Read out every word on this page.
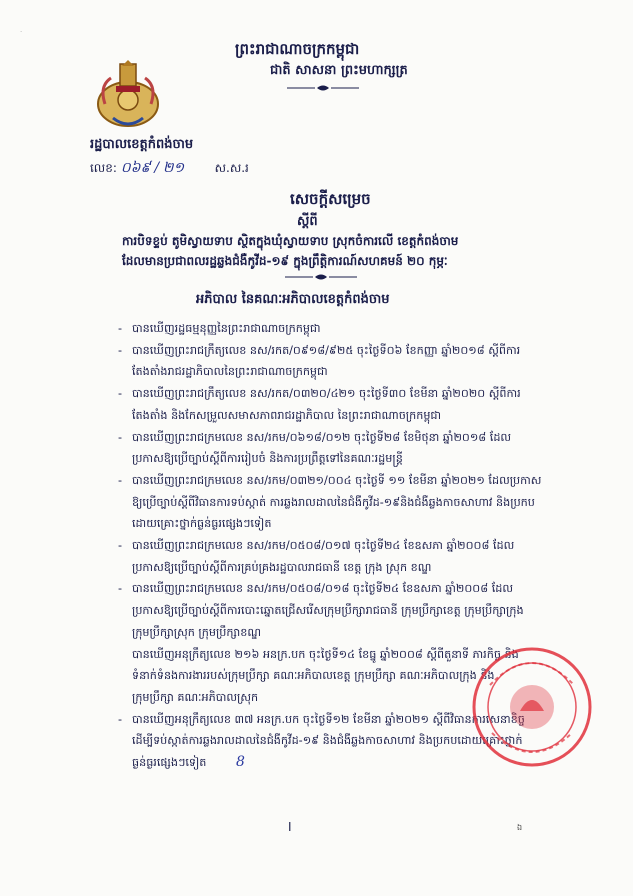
·
ព្រះរាជាណាចក្រកម្ពុជា
ជាតិ សាសនា ព្រះមហាក្សត្រ
រដ្ឋបាលខេត្តកំពង់ចាម
លេខ: ០៦៩ / ២១	ស.ស.រ
សេចក្តីសម្រេច
ស្តីពី
ការបិទខ្ទប់ តូមិស្វាយទាប ស្ថិតក្នុងឃុំស្វាយទាប ស្រុកចំការលើ ខេត្តកំពង់ចាម
ដែលមានប្រជាពលរដ្ឋឆ្លងជំងឺកូវីដ-១៩ ក្នុងព្រឹត្តិការណ៍សហគមន៍ ២០ កុម្ភៈ
អភិបាល នៃគណៈអភិបាលខេត្តកំពង់ចាម
- បានឃើញរដ្ឋធម្មនុញ្ញនៃព្រះរាជាណាចក្រកម្ពុជា
- បានឃើញព្រះរាជក្រឹត្យលេខ នស/រកត/០៩១៨/៩២៥ ចុះថ្ងៃទី០៦ ខែកញ្ញា ឆ្នាំ២០១៨ ស្តីពីការ
តែងតាំងរាជរដ្ឋាភិបាលនៃព្រះរាជាណាចក្រកម្ពុជា
- បានឃើញព្រះរាជក្រឹត្យលេខ នស/រកត/០៣២០/៤២១ ចុះថ្ងៃទី៣០ ខែមីនា ឆ្នាំ២០២០ ស្តីពីការ
តែងតាំង និងកែសម្រួលសមាសភាពរាជរដ្ឋាភិបាល នៃព្រះរាជាណាចក្រកម្ពុជា
- បានឃើញព្រះរាជក្រមលេខ នស/រកម/០៦១៨/០១២ ចុះថ្ងៃទី២៨ ខែមិថុនា ឆ្នាំ២០១៨ ដែល
ប្រកាសឱ្យប្រើច្បាប់ស្តីពីការរៀបចំ និងការប្រព្រឹត្តទៅនៃគណៈរដ្ឋមន្ត្រី
- បានឃើញព្រះរាជក្រមលេខ នស/រកម/០៣២១/០០៤ ចុះថ្ងៃទី ១១ ខែមីនា ឆ្នាំ២០២១ ដែលប្រកាស
ឱ្យប្រើច្បាប់ស្តីពីវិធានការទប់ស្កាត់ ការឆ្លងរាលដាលនៃជំងឺកូវីដ-១៩និងជំងឺឆ្លងកាចសាហាវ និងប្រកប
ដោយគ្រោះថ្នាក់ធ្ងន់ធ្ងរផ្សេងៗទៀត
- បានឃើញព្រះរាជក្រមលេខ នស/រកម/០៥០៨/០១៧ ចុះថ្ងៃទី២៤ ខែឧសភា ឆ្នាំ២០០៨ ដែល
ប្រកាសឱ្យប្រើច្បាប់ស្តីពីការគ្រប់គ្រងរដ្ឋបាលរាជធានី ខេត្ត ក្រុង ស្រុក ខណ្ឌ
- បានឃើញព្រះរាជក្រមលេខ នស/រកម/០៥០៨/០១៨ ចុះថ្ងៃទី២៤ ខែឧសភា ឆ្នាំ២០០៨ ដែល
ប្រកាសឱ្យប្រើច្បាប់ស្តីពីការបោះឆ្នោតជ្រើសរើសក្រុមប្រឹក្សារាជធានី ក្រុមប្រឹក្សាខេត្ត ក្រុមប្រឹក្សាក្រុង
ក្រុមប្រឹក្សាស្រុក ក្រុមប្រឹក្សាខណ្ឌ
បានឃើញអនុក្រឹត្យលេខ ២១៦ អនក្រ.បក ចុះថ្ងៃទី១៤ ខែធ្នូ ឆ្នាំ២០០៨ ស្តីពីតួនាទី ភារកិច្ច និង
ទំនាក់ទំនងការងាររបស់ក្រុមប្រឹក្សា គណៈអភិបាលខេត្ត ក្រុមប្រឹក្សា គណៈអភិបាលក្រុង និង
ក្រុមប្រឹក្សា គណៈអភិបាលស្រុក
- បានឃើញអនុក្រឹត្យលេខ ៣៧ អនក្រ.បក ចុះថ្ងៃទី១២ ខែមីនា ឆ្នាំ២០២១ ស្តីពីវិធានការសេនាខិច្ច
ដើម្បីទប់ស្កាត់ការឆ្លងរាលដាលនៃជំងឺកូវីដ-១៩ និងជំងឺឆ្លងកាចសាហាវ និងប្រកបដោយគ្រោះថ្នាក់
ធ្ងន់ធ្ងរផ្សេងៗទៀត	8
I	ឯ
